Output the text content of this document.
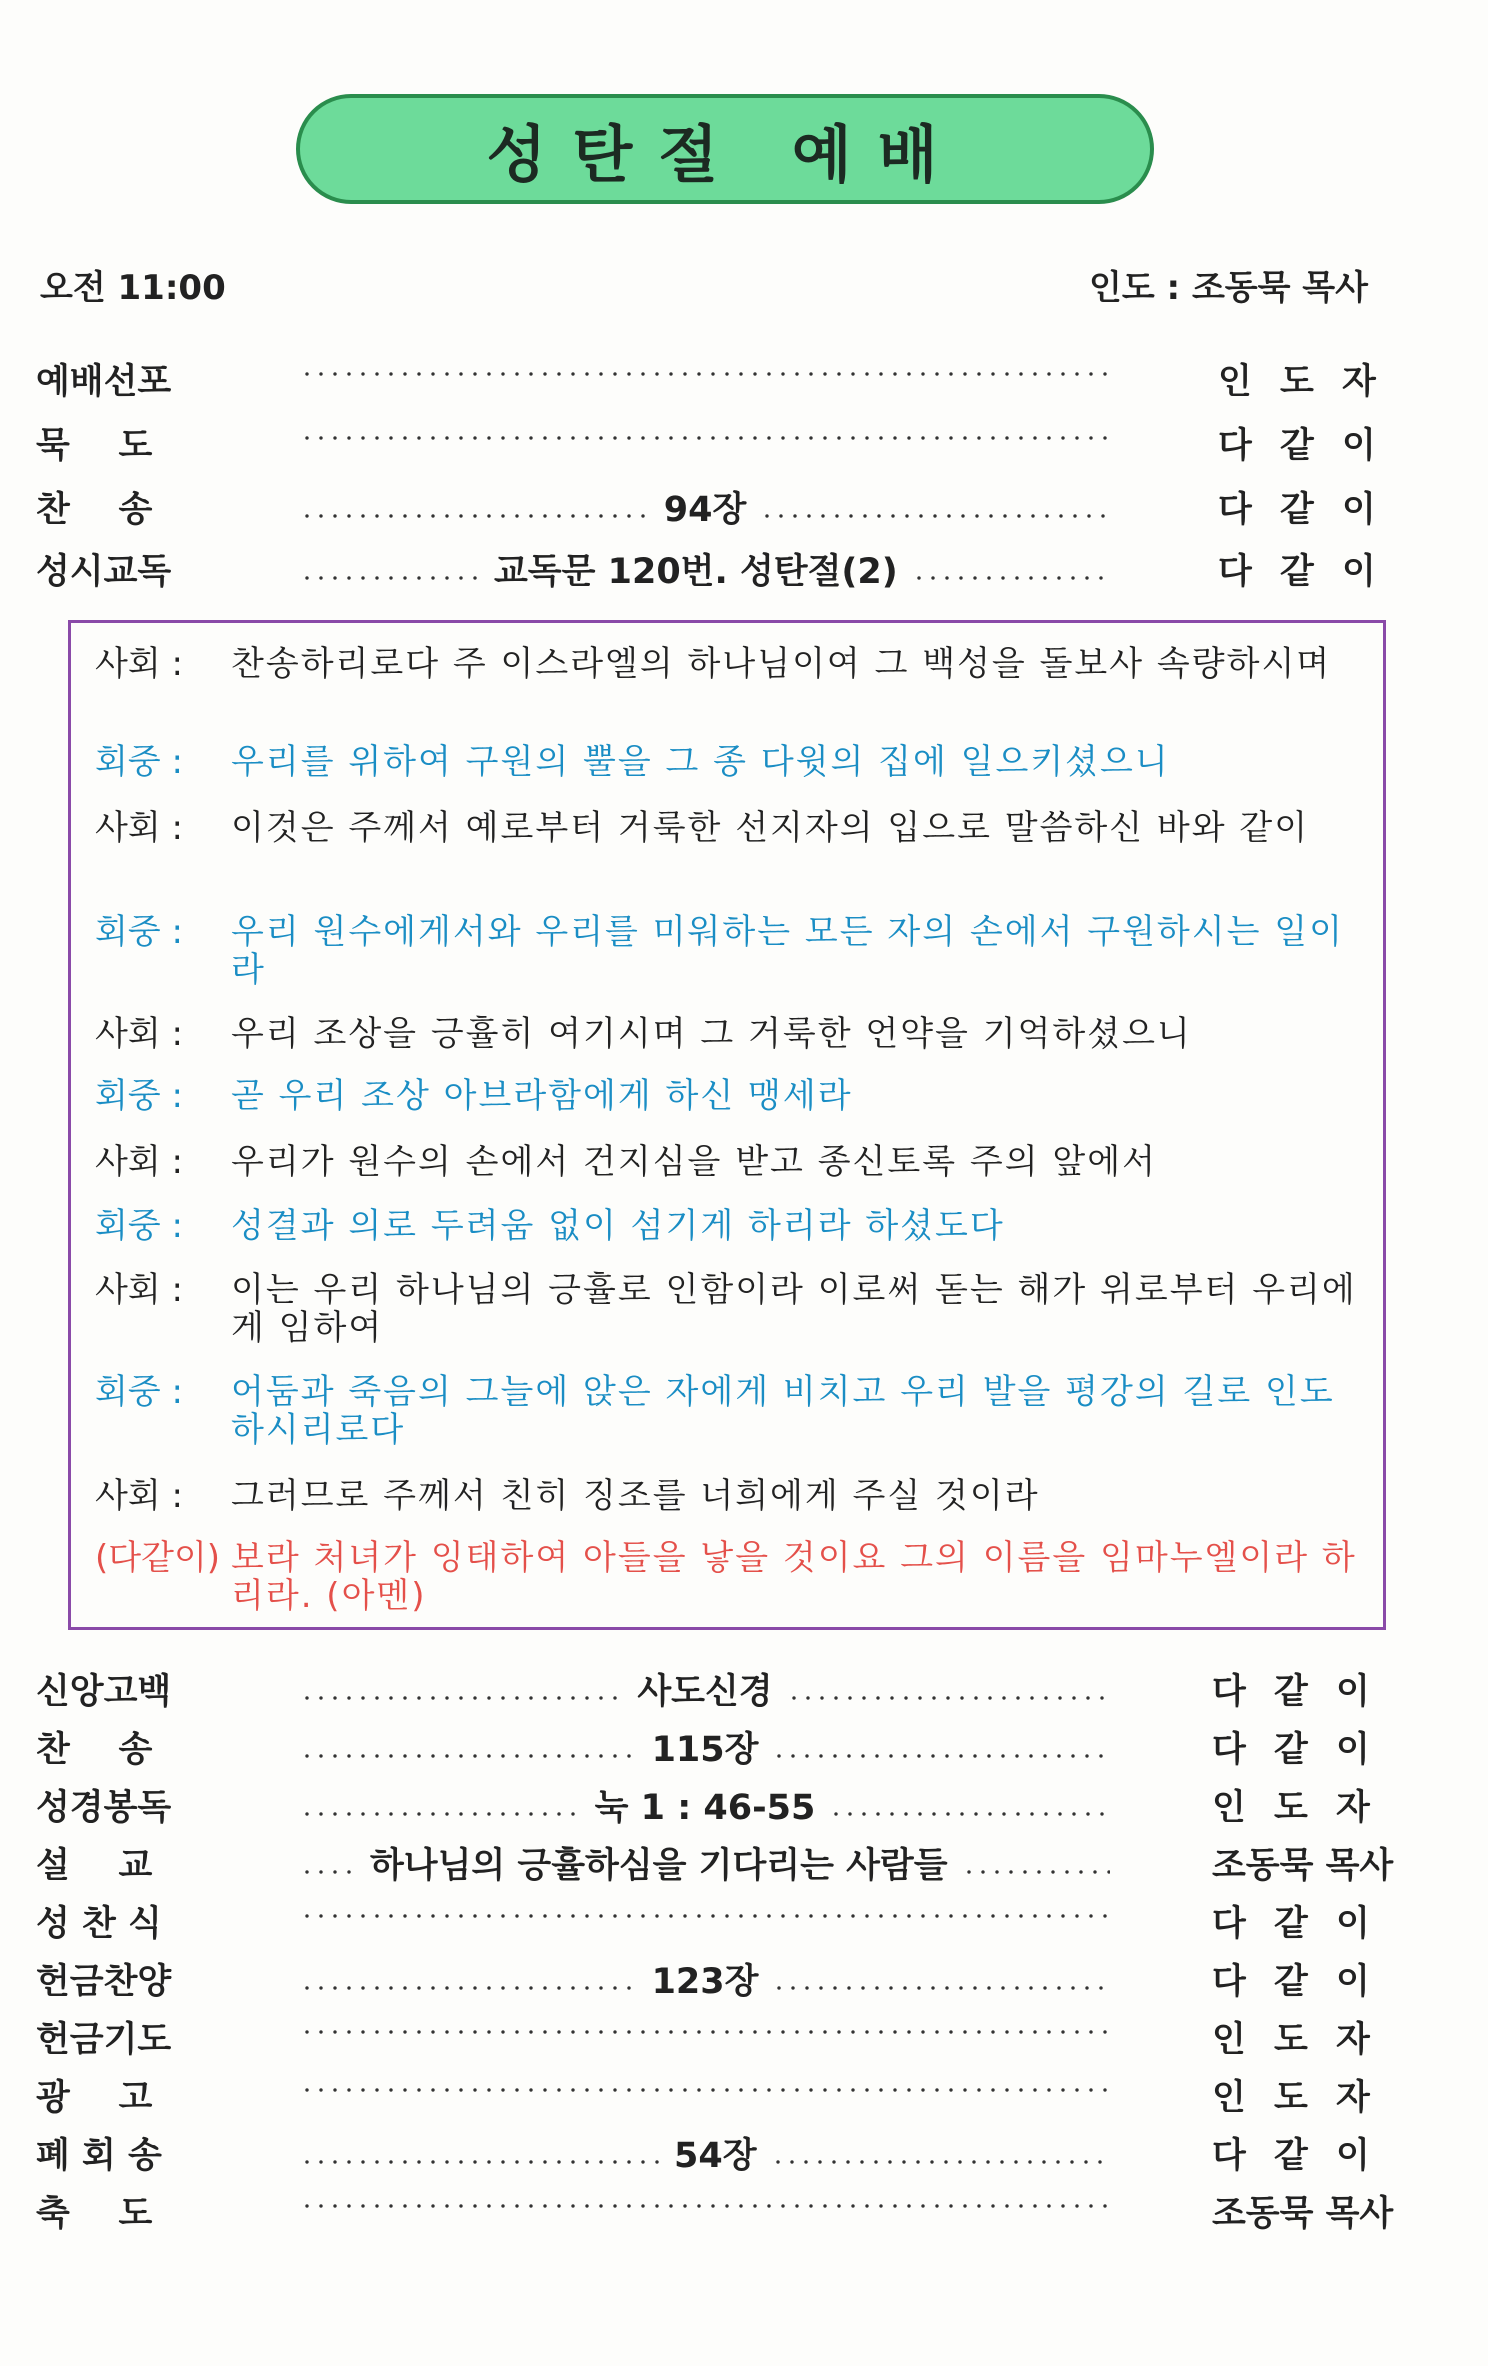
성탄절 예배
오전 11:00	인도 : 조동묵 목사
예배선포	인 도 자
묵    도	다 같 이
찬    송	94장	다 같 이
성시교독	교독문 120번. 성탄절(2)	다 같 이
사회 :	찬송하리로다 주 이스라엘의 하나님이여 그 백성을 돌보사 속량하시며
회중 :	우리를 위하여 구원의 뿔을 그 종 다윗의 집에 일으키셨으니
사회 :	이것은 주께서 예로부터 거룩한 선지자의 입으로 말씀하신 바와 같이
회중 :	우리 원수에게서와 우리를 미워하는 모든 자의 손에서 구원하시는 일이라
사회 :	우리 조상을 긍휼히 여기시며 그 거룩한 언약을 기억하셨으니
회중 :	곧 우리 조상 아브라함에게 하신 맹세라
사회 :	우리가 원수의 손에서 건지심을 받고 종신토록 주의 앞에서
회중 :	성결과 의로 두려움 없이 섬기게 하리라 하셨도다
사회 :	이는 우리 하나님의 긍휼로 인함이라 이로써 돋는 해가 위로부터 우리에게 임하여
회중 :	어둠과 죽음의 그늘에 앉은 자에게 비치고 우리 발을 평강의 길로 인도하시리로다
사회 :	그러므로 주께서 친히 징조를 너희에게 주실 것이라
(다같이) 보라 처녀가 잉태하여 아들을 낳을 것이요 그의 이름을 임마누엘이라 하리라. (아멘)
신앙고백	사도신경	다 같 이
찬    송	115장	다 같 이
성경봉독	눅 1 : 46-55	인 도 자
설    교	하나님의 긍휼하심을 기다리는 사람들	조동묵 목사
성 찬 식	다 같 이
헌금찬양	123장	다 같 이
헌금기도	인 도 자
광    고	인 도 자
폐 회 송	54장	다 같 이
축    도	조동묵 목사
